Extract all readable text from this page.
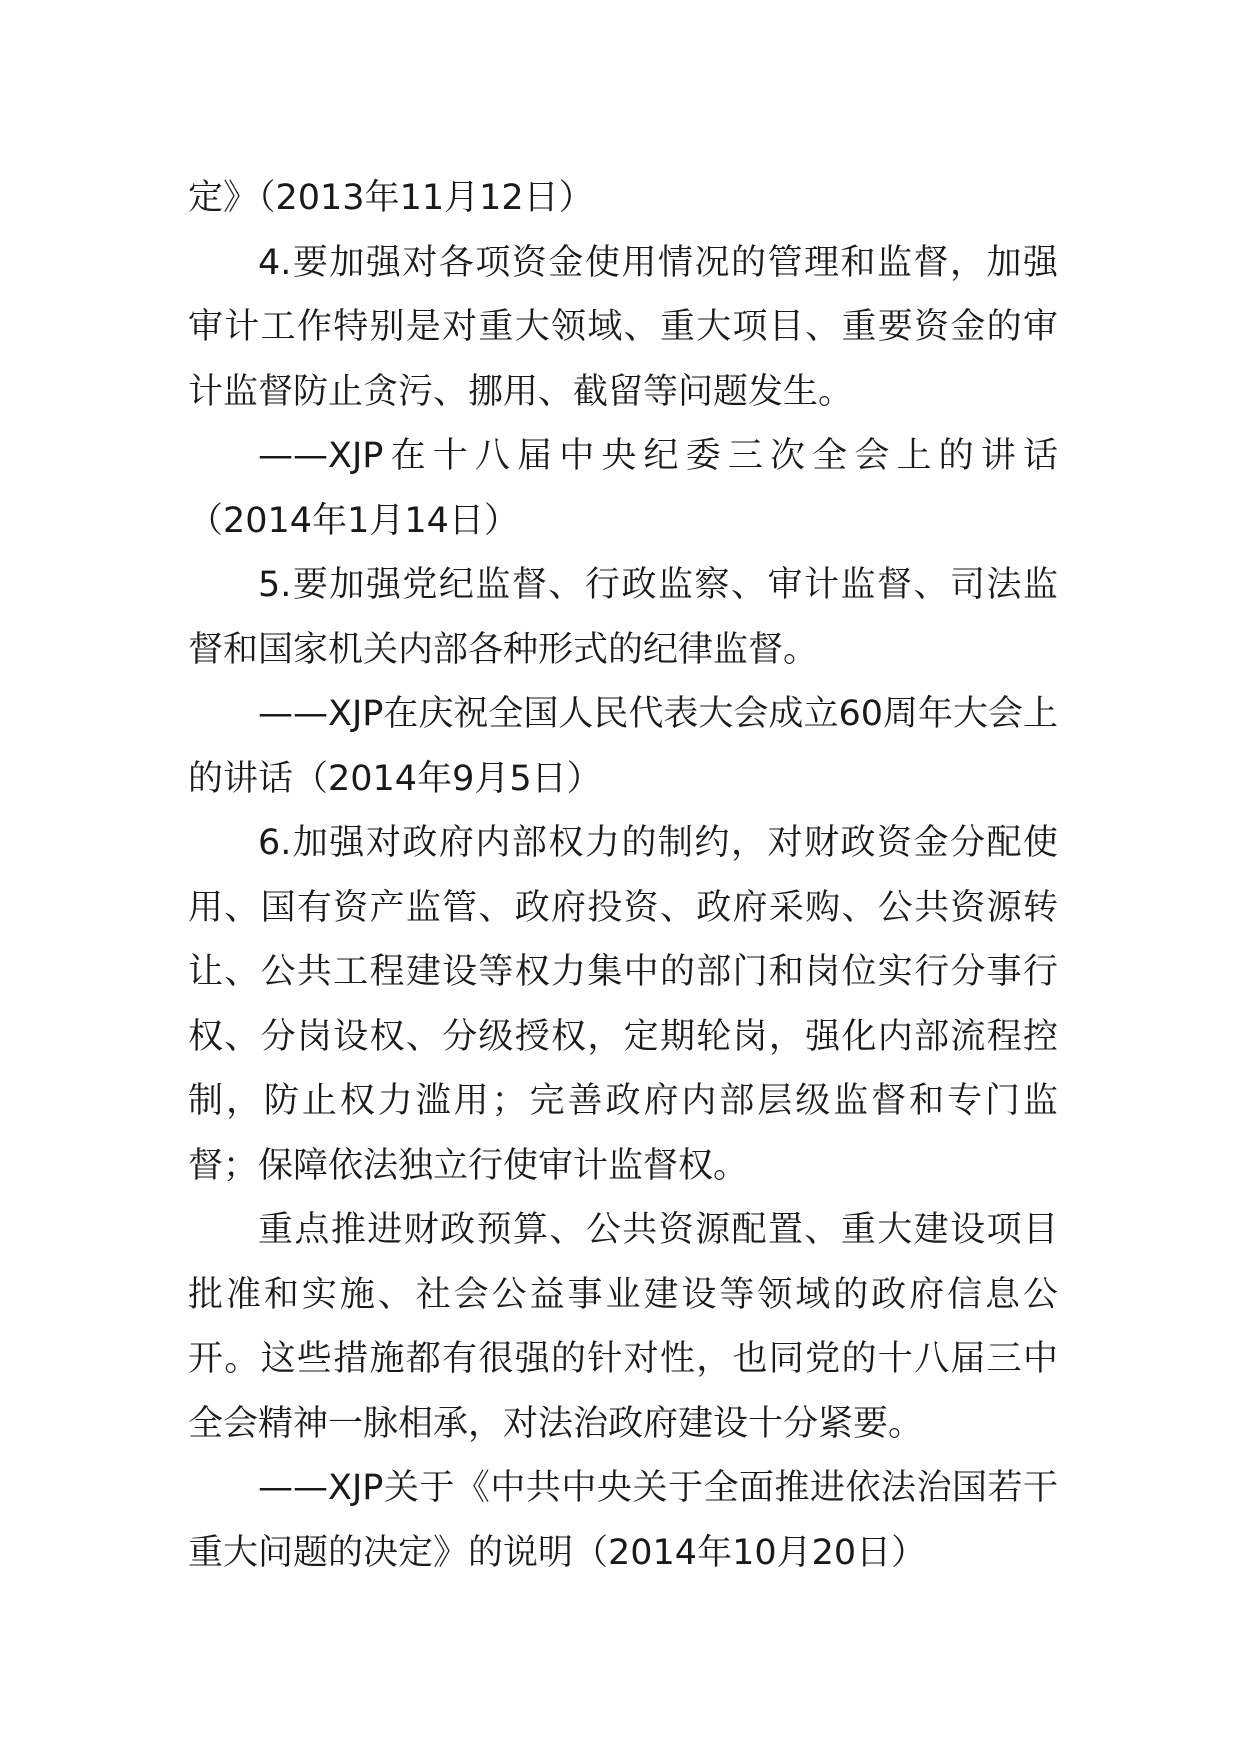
定》（2013年11月12日）

4.要加强对各项资金使用情况的管理和监督，加强审计工作特别是对重大领域、重大项目、重要资金的审计监督防止贪污、挪用、截留等问题发生。

——XJP在十八届中央纪委三次全会上的讲话（2014年1月14日）

5.要加强党纪监督、行政监察、审计监督、司法监督和国家机关内部各种形式的纪律监督。

——XJP在庆祝全国人民代表大会成立60周年大会上的讲话（2014年9月5日）

6.加强对政府内部权力的制约，对财政资金分配使用、国有资产监管、政府投资、政府采购、公共资源转让、公共工程建设等权力集中的部门和岗位实行分事行权、分岗设权、分级授权，定期轮岗，强化内部流程控制，防止权力滥用；完善政府内部层级监督和专门监督；保障依法独立行使审计监督权。

重点推进财政预算、公共资源配置、重大建设项目批准和实施、社会公益事业建设等领域的政府信息公开。这些措施都有很强的针对性，也同党的十八届三中全会精神一脉相承，对法治政府建设十分紧要。

——XJP关于《中共中央关于全面推进依法治国若干重大问题的决定》的说明（2014年10月20日）
